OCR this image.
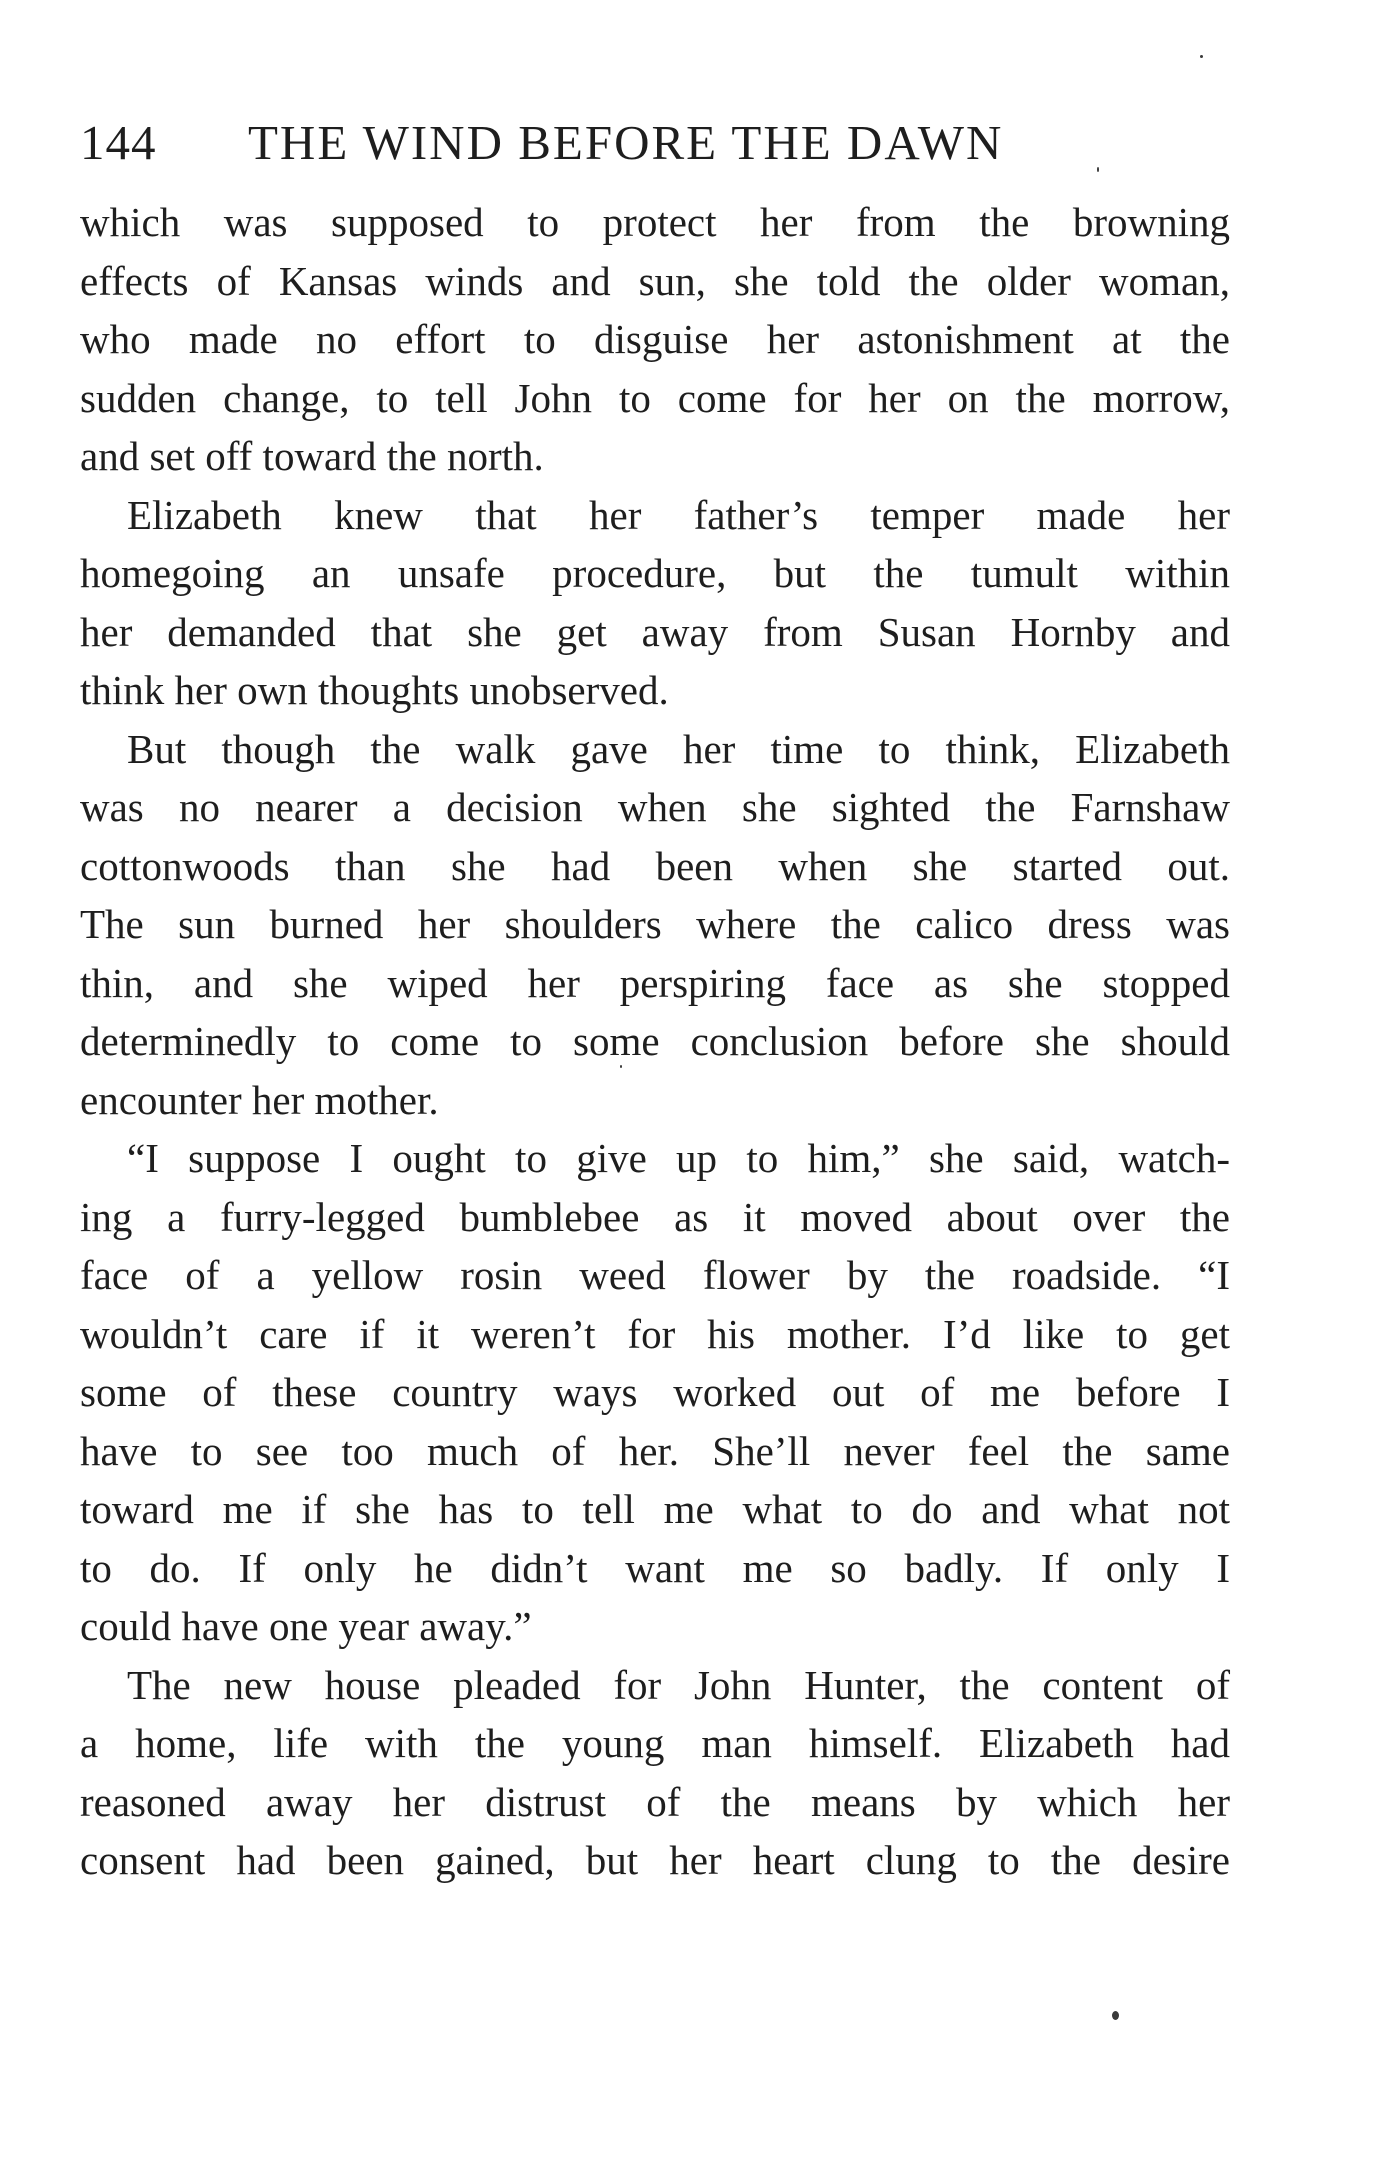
144 THE WIND BEFORE THE DAWN
which was supposed to protect her from the browning
effects of Kansas winds and sun, she told the older woman,
who made no effort to disguise her astonishment at the
sudden change, to tell John to come for her on the morrow,
and set off toward the north.
Elizabeth knew that her father’s temper made her
homegoing an unsafe procedure, but the tumult within
her demanded that she get away from Susan Hornby and
think her own thoughts unobserved.
But though the walk gave her time to think, Elizabeth
was no nearer a decision when she sighted the Farnshaw
cottonwoods than she had been when she started out.
The sun burned her shoulders where the calico dress was
thin, and she wiped her perspiring face as she stopped
determinedly to come to some conclusion before she should
encounter her mother.
“I suppose I ought to give up to him,” she said, watch-
ing a furry-legged bumblebee as it moved about over the
face of a yellow rosin weed flower by the roadside. “I
wouldn’t care if it weren’t for his mother. I’d like to get
some of these country ways worked out of me before I
have to see too much of her. She’ll never feel the same
toward me if she has to tell me what to do and what not
to do. If only he didn’t want me so badly. If only I
could have one year away.”
The new house pleaded for John Hunter, the content of
a home, life with the young man himself. Elizabeth had
reasoned away her distrust of the means by which her
consent had been gained, but her heart clung to the desire
